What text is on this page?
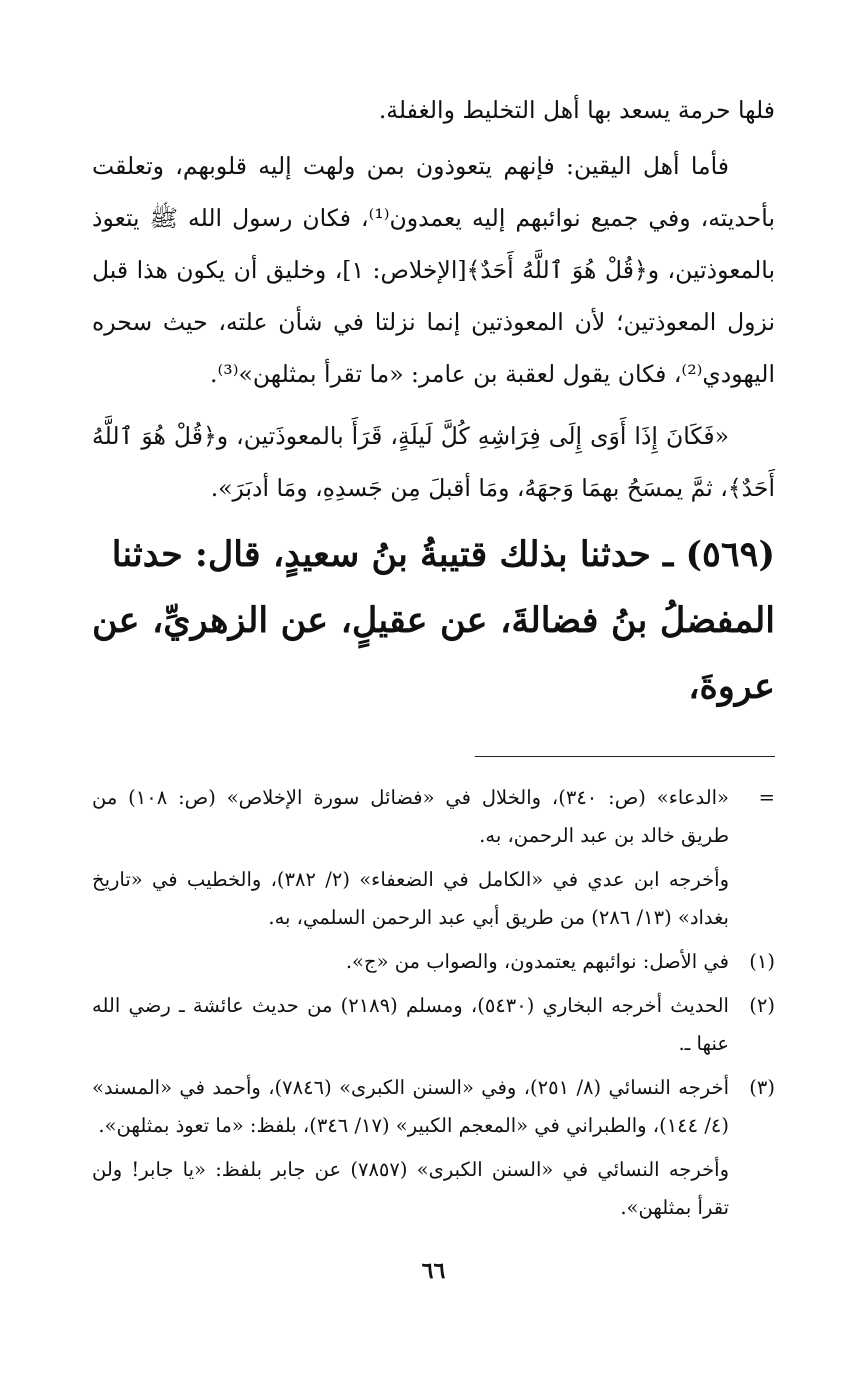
فلها حرمة يسعد بها أهل التخليط والغفلة.

فأما أهل اليقين: فإنهم يتعوذون بمن ولهت إليه قلوبهم، وتعلقت بأحديته، وفي جميع نوائبهم إليه يعمدون⁽¹⁾، فكان رسول الله ﷺ يتعوذ بالمعوذتين، و﴿قُلْ هُوَ ٱللَّهُ أَحَدٌ﴾[الإخلاص: ١]، وخليق أن يكون هذا قبل نزول المعوذتين؛ لأن المعوذتين إنما نزلتا في شأن علته، حيث سحره اليهودي⁽²⁾، فكان يقول لعقبة بن عامر: «ما تقرأ بمثلهن»⁽³⁾.

«فَكَانَ إِذَا أَوَى إِلَى فِرَاشِهِ كُلَّ لَيلَةٍ، قَرَأَ بالمعوذَتين، و﴿قُلْ هُوَ ٱللَّهُ أَحَدٌ﴾، ثمَّ يمسَحُ بهمَا وَجهَهُ، ومَا أقبلَ مِن جَسدِهِ، ومَا أدبَرَ».

(٥٦٩) ـ حدثنا بذلك قتيبةُ بنُ سعيدٍ، قال: حدثنا
المفضلُ بنُ فضالةَ، عن عقيلٍ، عن الزهريِّ، عن عروةَ،
=
«الدعاء» (ص: ٣٤٠)، والخلال في «فضائل سورة الإخلاص» (ص: ١٠٨) من طريق خالد بن عبد الرحمن، به.
وأخرجه ابن عدي في «الكامل في الضعفاء» (٢/ ٣٨٢)، والخطيب في «تاريخ بغداد» (١٣/ ٢٨٦) من طريق أبي عبد الرحمن السلمي، به.
(١)
في الأصل: نوائبهم يعتمدون، والصواب من «ج».
(٢)
الحديث أخرجه البخاري (٥٤٣٠)، ومسلم (٢١٨٩) من حديث عائشة ـ رضي الله عنها ـ.
(٣)
أخرجه النسائي (٨/ ٢٥١)، وفي «السنن الكبرى» (٧٨٤٦)، وأحمد في «المسند» (٤/ ١٤٤)، والطبراني في «المعجم الكبير» (١٧/ ٣٤٦)، بلفظ: «ما تعوذ بمثلهن».
وأخرجه النسائي في «السنن الكبرى» (٧٨٥٧) عن جابر بلفظ: «يا جابر! ولن تقرأ بمثلهن».
٦٦
